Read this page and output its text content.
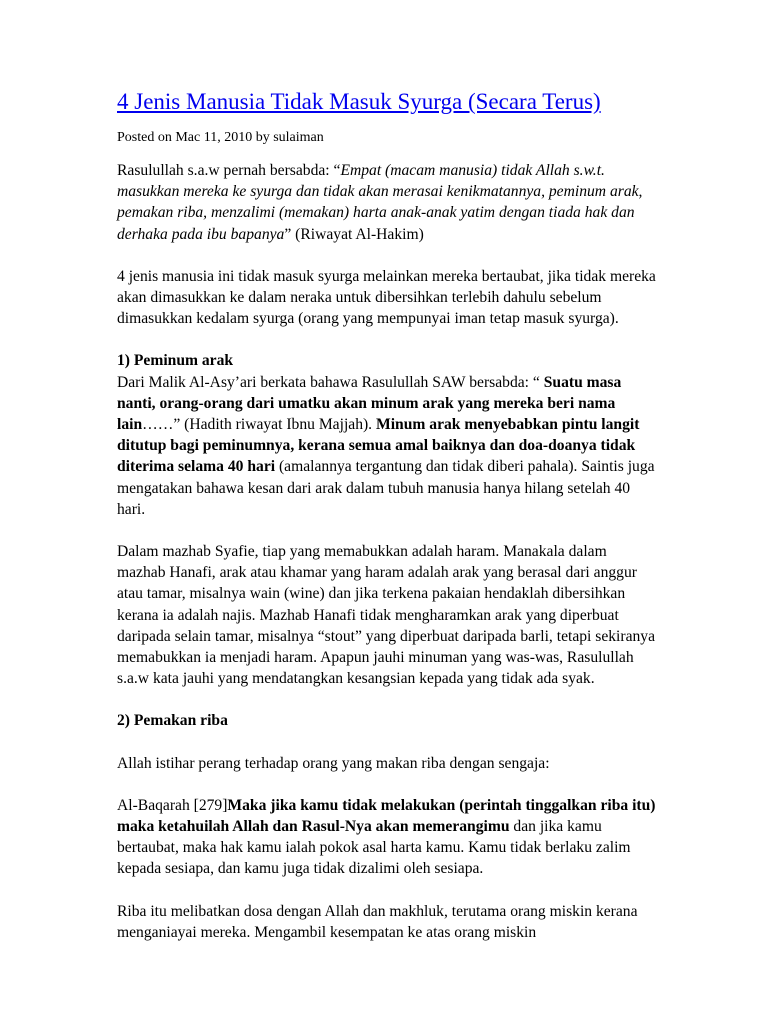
4 Jenis Manusia Tidak Masuk Syurga (Secara Terus)
Posted on Mac 11, 2010 by sulaiman

Rasulullah s.a.w pernah bersabda: “Empat (macam manusia) tidak Allah s.w.t. masukkan mereka ke syurga dan tidak akan merasai kenikmatannya, peminum arak, pemakan riba, menzalimi (memakan) harta anak-anak yatim dengan tiada hak dan derhaka pada ibu bapanya” (Riwayat Al-Hakim)

4 jenis manusia ini tidak masuk syurga melainkan mereka bertaubat, jika tidak mereka akan dimasukkan ke dalam neraka untuk dibersihkan terlebih dahulu sebelum dimasukkan kedalam syurga (orang yang mempunyai iman tetap masuk syurga).

1) Peminum arak

Dari Malik Al-Asy’ari berkata bahawa Rasulullah SAW bersabda: “ Suatu masa nanti, orang-orang dari umatku akan minum arak yang mereka beri nama lain……” (Hadith riwayat Ibnu Majjah). Minum arak menyebabkan pintu langit ditutup bagi peminumnya, kerana semua amal baiknya dan doa-doanya tidak diterima selama 40 hari (amalannya tergantung dan tidak diberi pahala). Saintis juga mengatakan bahawa kesan dari arak dalam tubuh manusia hanya hilang setelah 40 hari.

Dalam mazhab Syafie, tiap yang memabukkan adalah haram. Manakala dalam mazhab Hanafi, arak atau khamar yang haram adalah arak yang berasal dari anggur atau tamar, misalnya wain (wine) dan jika terkena pakaian hendaklah dibersihkan kerana ia adalah najis. Mazhab Hanafi tidak mengharamkan arak yang diperbuat daripada selain tamar, misalnya “stout” yang diperbuat daripada barli, tetapi sekiranya memabukkan ia menjadi haram. Apapun jauhi minuman yang was-was, Rasulullah s.a.w kata jauhi yang mendatangkan kesangsian kepada yang tidak ada syak.

2) Pemakan riba

Allah istihar perang terhadap orang yang makan riba dengan sengaja:

Al-Baqarah [279]Maka jika kamu tidak melakukan (perintah tinggalkan riba itu) maka ketahuilah Allah dan Rasul-Nya akan memerangimu dan jika kamu bertaubat, maka hak kamu ialah pokok asal harta kamu. Kamu tidak berlaku zalim kepada sesiapa, dan kamu juga tidak dizalimi oleh sesiapa.

Riba itu melibatkan dosa dengan Allah dan makhluk, terutama orang miskin kerana menganiayai mereka. Mengambil kesempatan ke atas orang miskin
